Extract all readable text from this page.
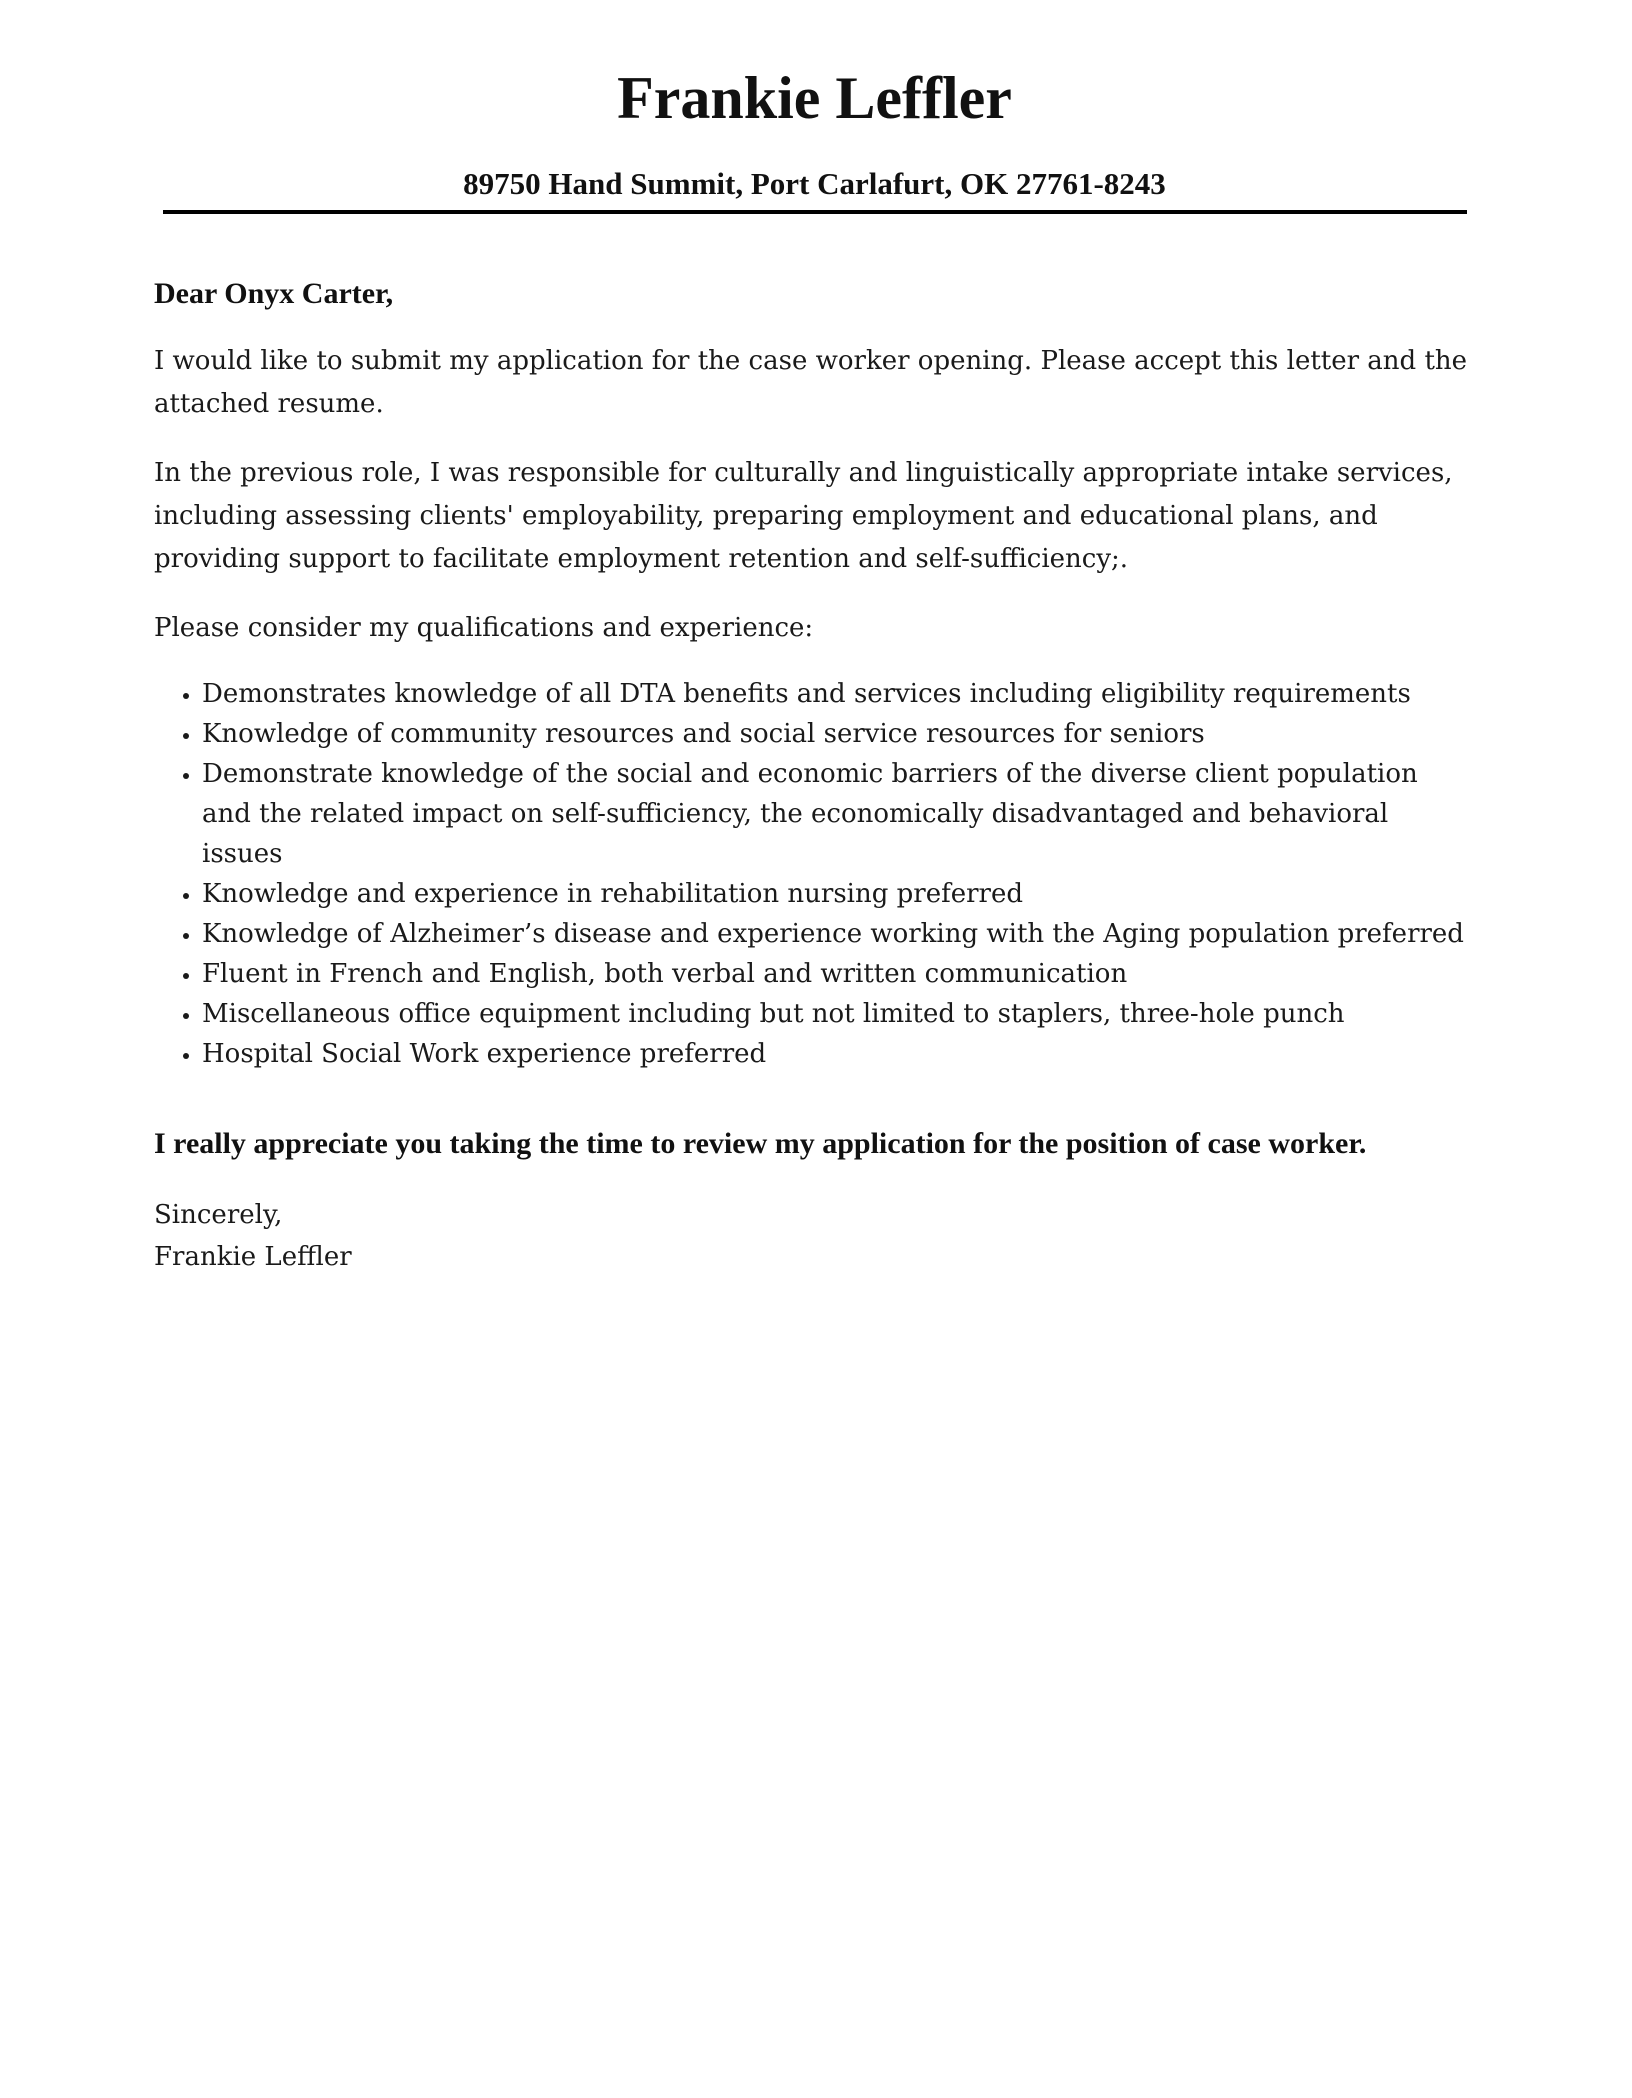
Frankie Leffler

89750 Hand Summit, Port Carlafurt, OK 27761-8243

Dear Onyx Carter,

I would like to submit my application for the case worker opening. Please accept this letter and the attached resume.

In the previous role, I was responsible for culturally and linguistically appropriate intake services, including assessing clients' employability, preparing employment and educational plans, and providing support to facilitate employment retention and self-sufficiency;.

Please consider my qualifications and experience:

• Demonstrates knowledge of all DTA benefits and services including eligibility requirements
• Knowledge of community resources and social service resources for seniors
• Demonstrate knowledge of the social and economic barriers of the diverse client population and the related impact on self-sufficiency, the economically disadvantaged and behavioral issues
• Knowledge and experience in rehabilitation nursing preferred
• Knowledge of Alzheimer’s disease and experience working with the Aging population preferred
• Fluent in French and English, both verbal and written communication
• Miscellaneous office equipment including but not limited to staplers, three-hole punch
• Hospital Social Work experience preferred

I really appreciate you taking the time to review my application for the position of case worker.

Sincerely,
Frankie Leffler
